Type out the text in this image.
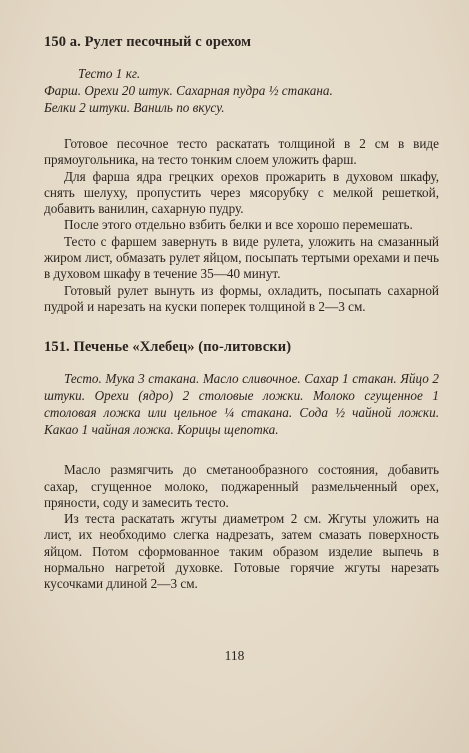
150 а. Рулет песочный с орехом
Тесто 1 кг.
Фарш. Орехи 20 штук. Сахарная пудра ½ стакана.
Белки 2 штуки. Ваниль по вкусу.

Готовое песочное тесто раскатать толщиной в 2 см в виде прямоугольника, на тесто тонким слоем уложить фарш.

Для фарша ядра грецких орехов прожарить в духовом шкафу, снять шелуху, пропустить через мясорубку с мелкой решеткой, добавить ванилин, сахарную пудру.

После этого отдельно взбить белки и все хорошо перемешать.

Тесто с фаршем завернуть в виде рулета, уложить на смазанный жиром лист, обмазать рулет яйцом, посыпать тертыми орехами и печь в духовом шкафу в течение 35—40 минут.

Готовый рулет вынуть из формы, охладить, посыпать сахарной пудрой и нарезать на куски поперек толщиной в 2—3 см.

151. Печенье «Хлебец» (по-литовски)

Тесто. Мука 3 стакана. Масло сливочное. Сахар 1 стакан. Яйцо 2 штуки. Орехи (ядро) 2 столовые ложки. Молоко сгущенное 1 столовая ложка или цельное ¼ стакана. Сода ½ чайной ложки. Какао 1 чайная ложка. Корицы щепотка.

Масло размягчить до сметанообразного состояния, добавить сахар, сгущенное молоко, поджаренный размельченный орех, пряности, соду и замесить тесто.

Из теста раскатать жгуты диаметром 2 см. Жгуты уложить на лист, их необходимо слегка надрезать, затем смазать поверхность яйцом. Потом сформованное таким образом изделие выпечь в нормально нагретой духовке. Готовые горячие жгуты нарезать кусочками длиной 2—3 см.

118
